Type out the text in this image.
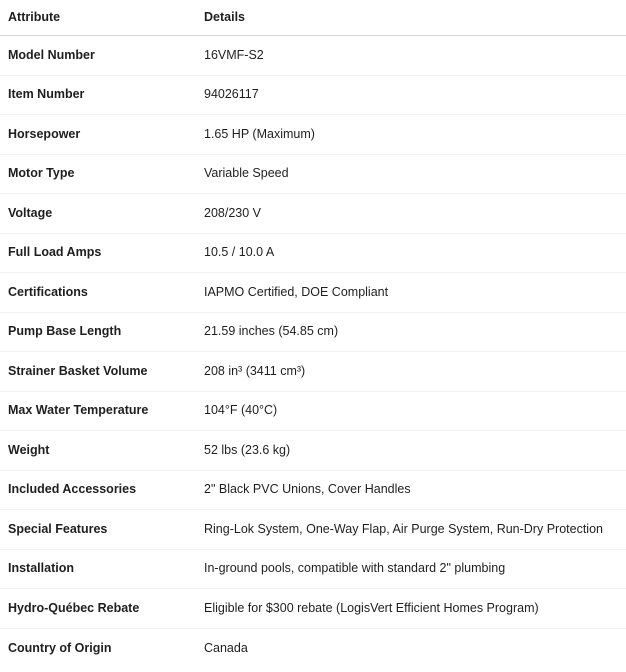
Attribute	Details
Model Number	16VMF-S2
Item Number	94026117
Horsepower	1.65 HP (Maximum)
Motor Type	Variable Speed
Voltage	208/230 V
Full Load Amps	10.5 / 10.0 A
Certifications	IAPMO Certified, DOE Compliant
Pump Base Length	21.59 inches (54.85 cm)
Strainer Basket Volume	208 in³ (3411 cm³)
Max Water Temperature	104°F (40°C)
Weight	52 lbs (23.6 kg)
Included Accessories	2" Black PVC Unions, Cover Handles
Special Features	Ring-Lok System, One-Way Flap, Air Purge System, Run-Dry Protection
Installation	In-ground pools, compatible with standard 2" plumbing
Hydro-Québec Rebate	Eligible for $300 rebate (LogisVert Efficient Homes Program)
Country of Origin	Canada
